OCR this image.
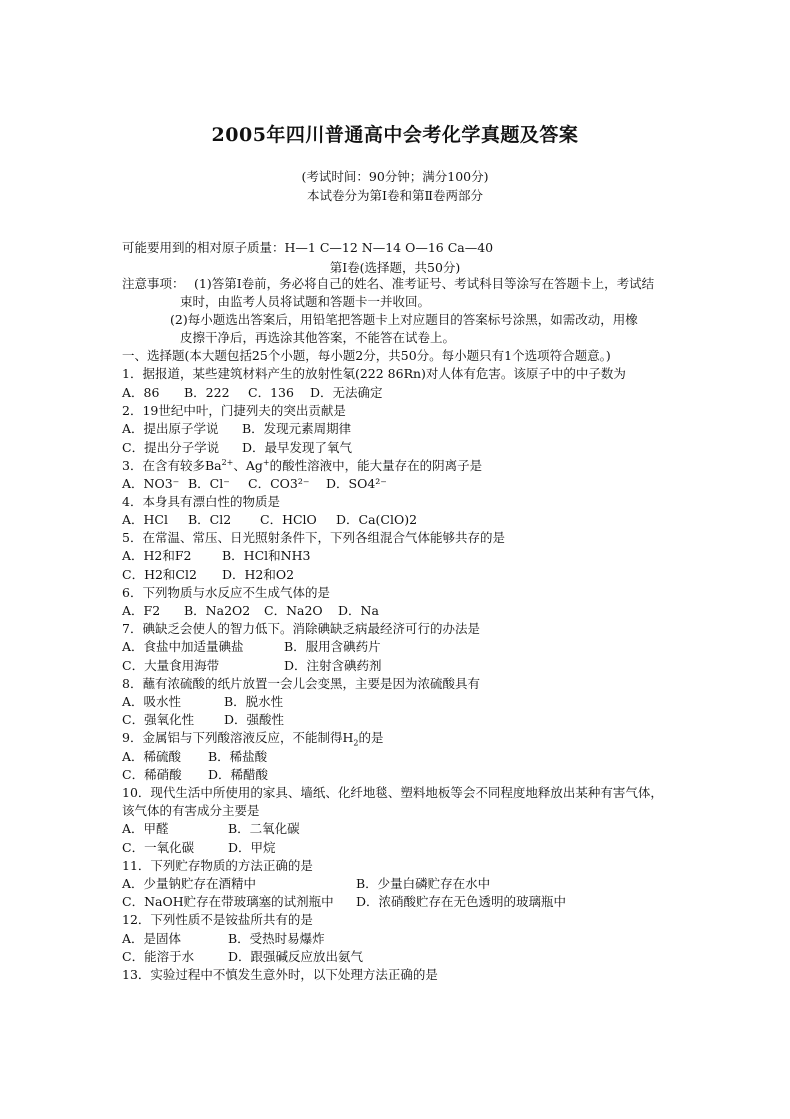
2005年四川普通高中会考化学真题及答案
(考试时间：90分钟；满分100分)
本试卷分为第Ⅰ卷和第Ⅱ卷两部分
可能要用到的相对原子质量：H—1 C—12 N—14 O—16 Ca—40
第Ⅰ卷(选择题，共50分)
注意事项： (1)答第Ⅰ卷前，务必将自己的姓名、准考证号、考试科目等涂写在答题卡上，考试结
束时，由监考人员将试题和答题卡一并收回。
(2)每小题选出答案后，用铅笔把答题卡上对应题目的答案标号涂黑，如需改动，用橡
皮擦干净后，再选涂其他答案，不能答在试卷上。
一、选择题(本大题包括25个小题，每小题2分，共50分。每小题只有1个选项符合题意。)
1．据报道，某些建筑材料产生的放射性氡(222 86Rn)对人体有危害。该原子中的中子数为
A．86 B．222 C．136 D．无法确定
2．19世纪中叶，门捷列夫的突出贡献是
A．提出原子学说 B．发现元素周期律
C．提出分子学说 D．最早发现了氧气
3．在含有较多$Ba^{2+}$、Ag+的酸性溶液中，能大量存在的阴离子是
A．NO3⁻ B．Cl⁻ C．CO3²⁻ D．SO4²⁻
4．本身具有漂白性的物质是
A．HCl B．Cl2 C．HClO D．Ca(ClO)2
5．在常温、常压、日光照射条件下，下列各组混合气体能够共存的是
A．H2和F2 B．HCl和NH3
C．H2和Cl2 D．H2和O2
6．下列物质与水反应不生成气体的是
A．F2 B．Na2O2 C．Na2O D．Na
7．碘缺乏会使人的智力低下。消除碘缺乏病最经济可行的办法是
A．食盐中加适量碘盐	B．服用含碘药片
C．大量食用海带	D．注射含碘药剂
8．蘸有浓硫酸的纸片放置一会儿会变黑，主要是因为浓硫酸具有
A．吸水性	B．脱水性
C．强氧化性 D．强酸性
9．金属铝与下列酸溶液反应，不能制得$H_2$的是
A．稀硫酸 B．稀盐酸
C．稀硝酸 D．稀醋酸
10．现代生活中所使用的家具、墙纸、化纤地毯、塑料地板等会不同程度地释放出某种有害气体，
该气体的有害成分主要是
A．甲醛	B．二氧化碳
C．一氧化碳	D．甲烷
11．下列贮存物质的方法正确的是
A．少量钠贮存在酒精中	B．少量白磷贮存在水中
C．NaOH贮存在带玻璃塞的试剂瓶中 D．浓硝酸贮存在无色透明的玻璃瓶中
12．下列性质不是铵盐所共有的是
A．是固体	B．受热时易爆炸
C．能溶于水	D．跟强碱反应放出氨气
13．实验过程中不慎发生意外时，以下处理方法正确的是
